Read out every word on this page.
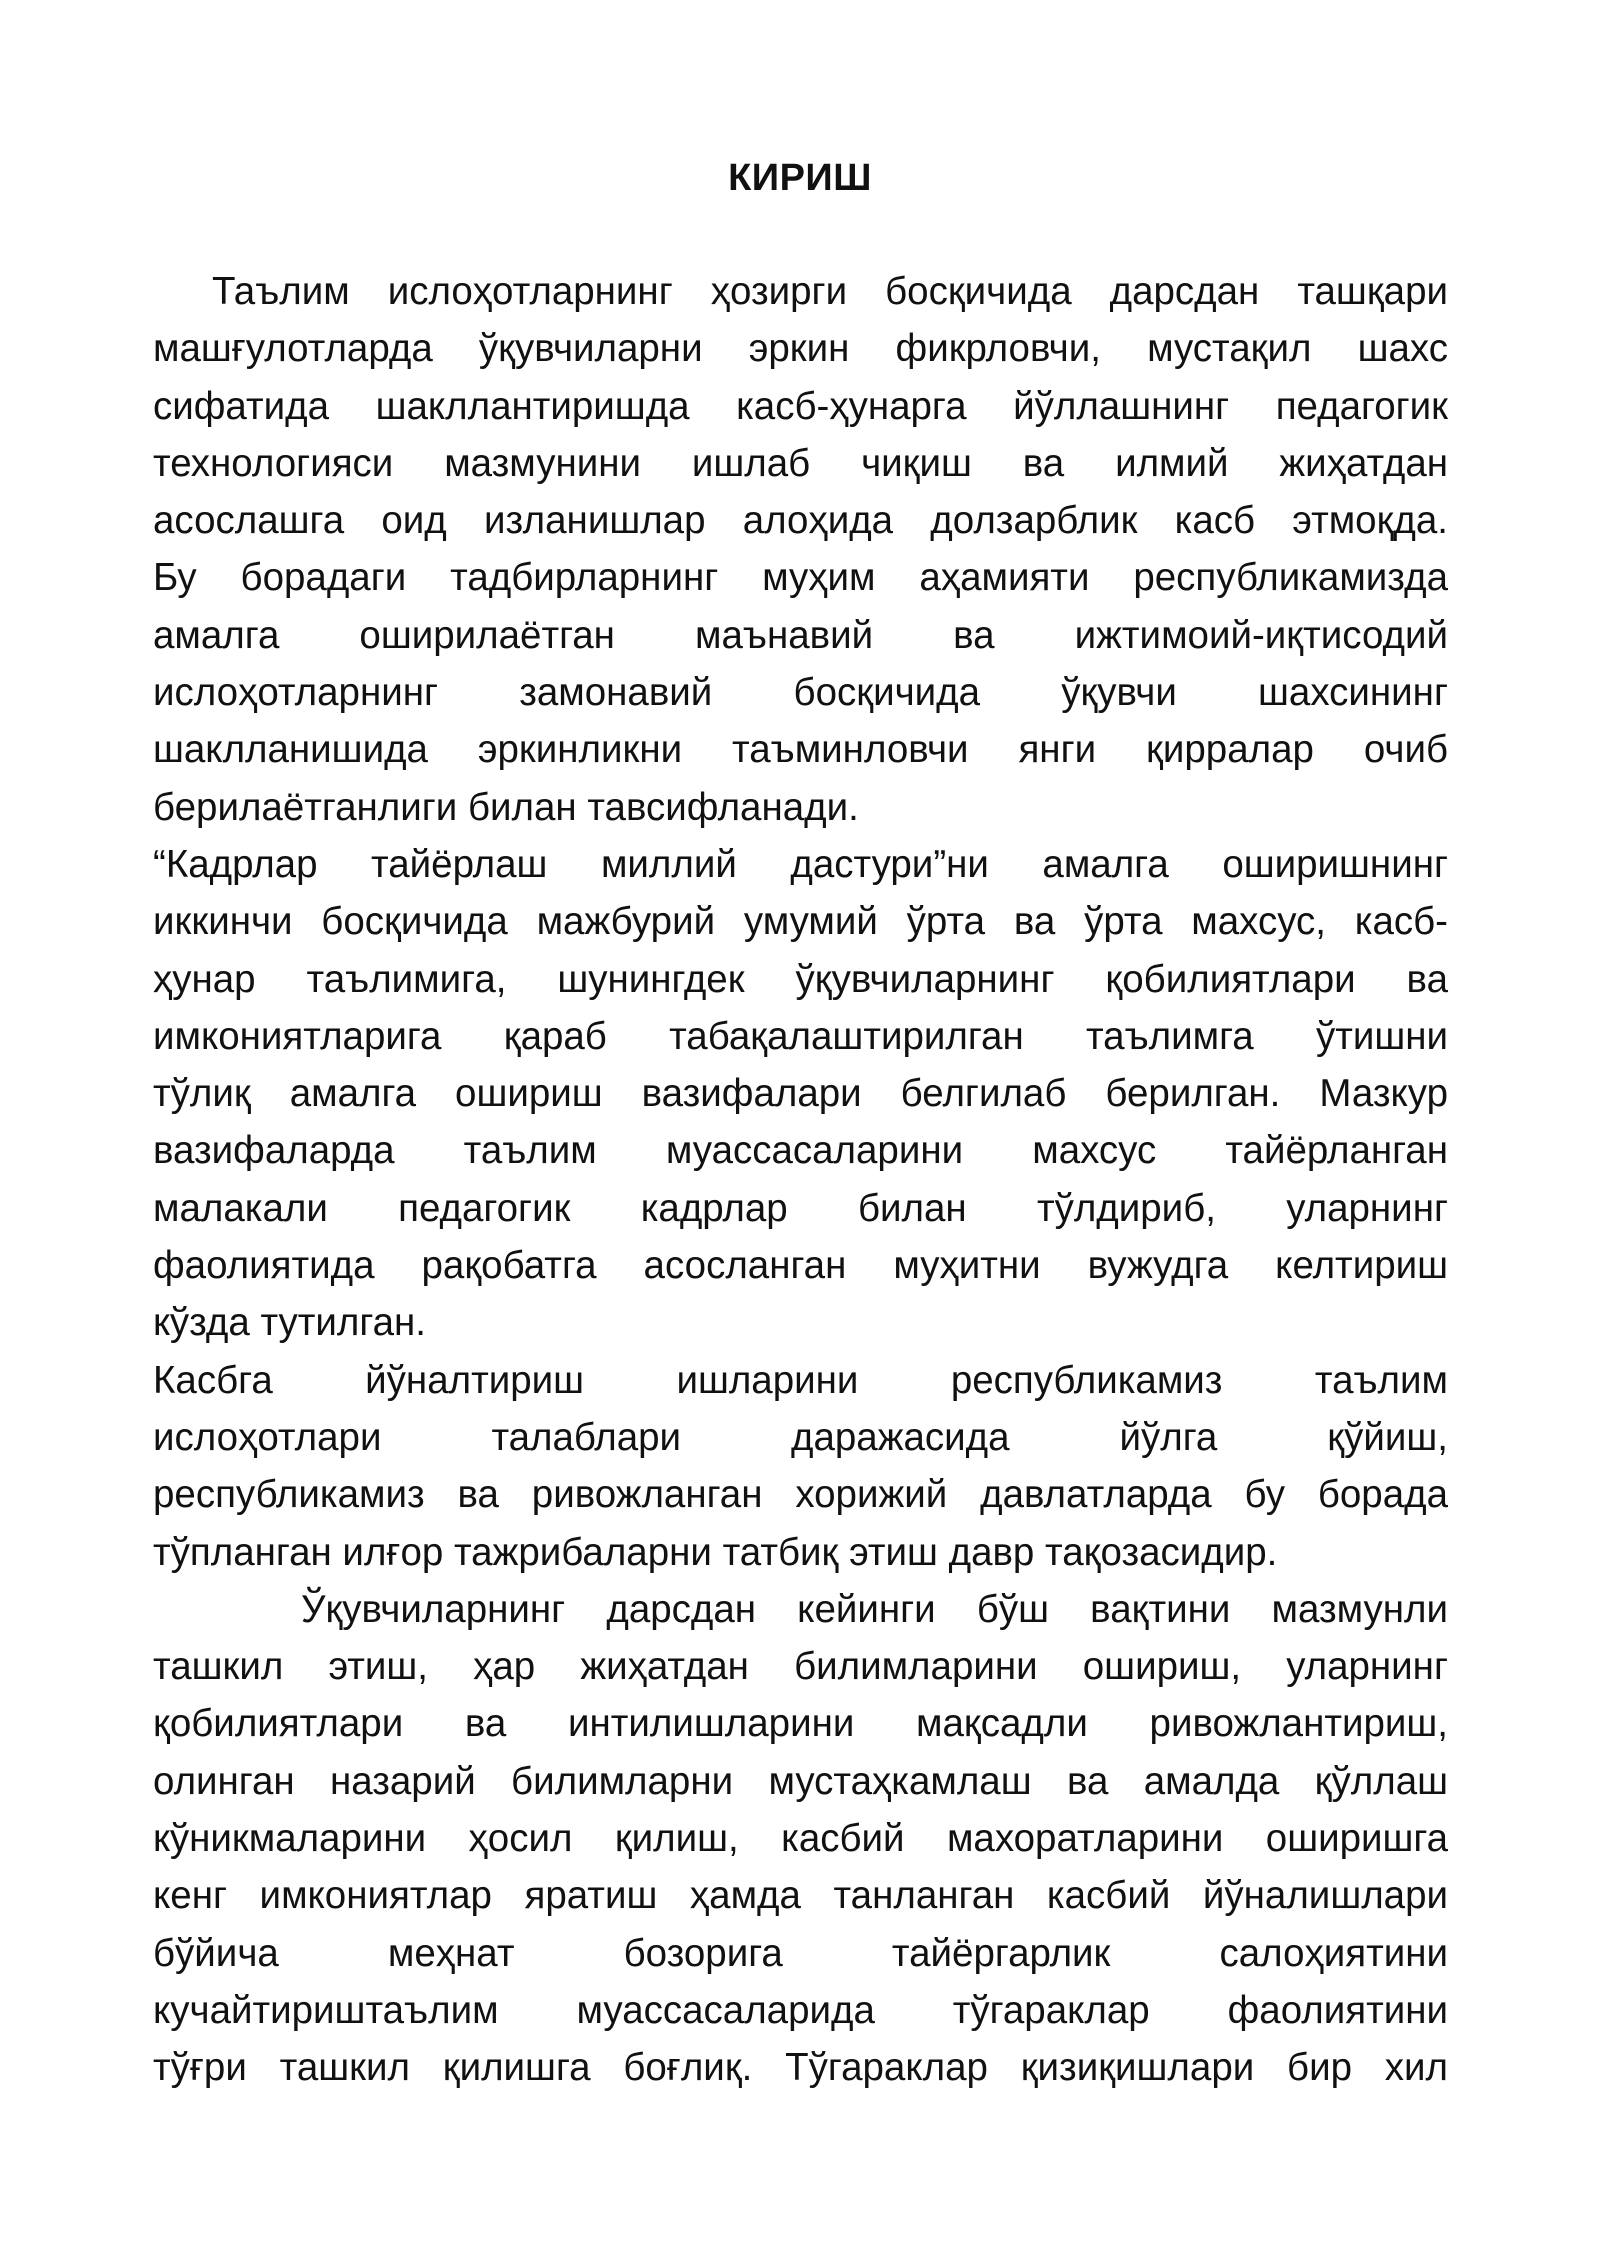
КИРИШ
Таълим ислоҳотларнинг ҳозирги босқичида дарсдан ташқари
машғулотларда ўқувчиларни эркин фикрловчи, мустақил шахс
сифатида шакллантиришда касб-ҳунарга йўллашнинг педагогик
технологияси мазмунини ишлаб чиқиш ва илмий жиҳатдан
асослашга оид изланишлар алоҳида долзарблик касб этмоқда.
Бу борадаги тадбирларнинг муҳим аҳамияти республикамизда
амалга оширилаётган маънавий ва ижтимоий-иқтисодий
ислоҳотларнинг замонавий босқичида ўқувчи шахсининг
шаклланишида эркинликни таъминловчи янги қирралар очиб
берилаётганлиги билан тавсифланади.
“Кадрлар тайёрлаш миллий дастури”ни амалга оширишнинг
иккинчи босқичида мажбурий умумий ўрта ва ўрта махсус, касб-
ҳунар таълимига, шунингдек ўқувчиларнинг қобилиятлари ва
имкониятларига қараб табақалаштирилган таълимга ўтишни
тўлиқ амалга ошириш вазифалари белгилаб берилган. Мазкур
вазифаларда таълим муассасаларини махсус тайёрланган
малакали педагогик кадрлар билан тўлдириб, уларнинг
фаолиятида рақобатга асосланган муҳитни вужудга келтириш
кўзда тутилган.
Касбга йўналтириш ишларини республикамиз таълим
ислоҳотлари талаблари даражасида йўлга қўйиш,
республикамиз ва ривожланган хорижий давлатларда бу борада
тўпланган илғор тажрибаларни татбиқ этиш давр тақозасидир.
Ўқувчиларнинг дарсдан кейинги бўш вақтини мазмунли
ташкил этиш, ҳар жиҳатдан билимларини ошириш, уларнинг
қобилиятлари ва интилишларини мақсадли ривожлантириш,
олинган назарий билимларни мустаҳкамлаш ва амалда қўллаш
кўникмаларини ҳосил қилиш, касбий махоратларини оширишга
кенг имкониятлар яратиш ҳамда танланган касбий йўналишлари
бўйича меҳнат бозорига тайёргарлик салоҳиятини
кучайтириштаълим муассасаларида тўгараклар фаолиятини
тўғри ташкил қилишга боғлиқ. Тўгараклар қизиқишлари бир хил
